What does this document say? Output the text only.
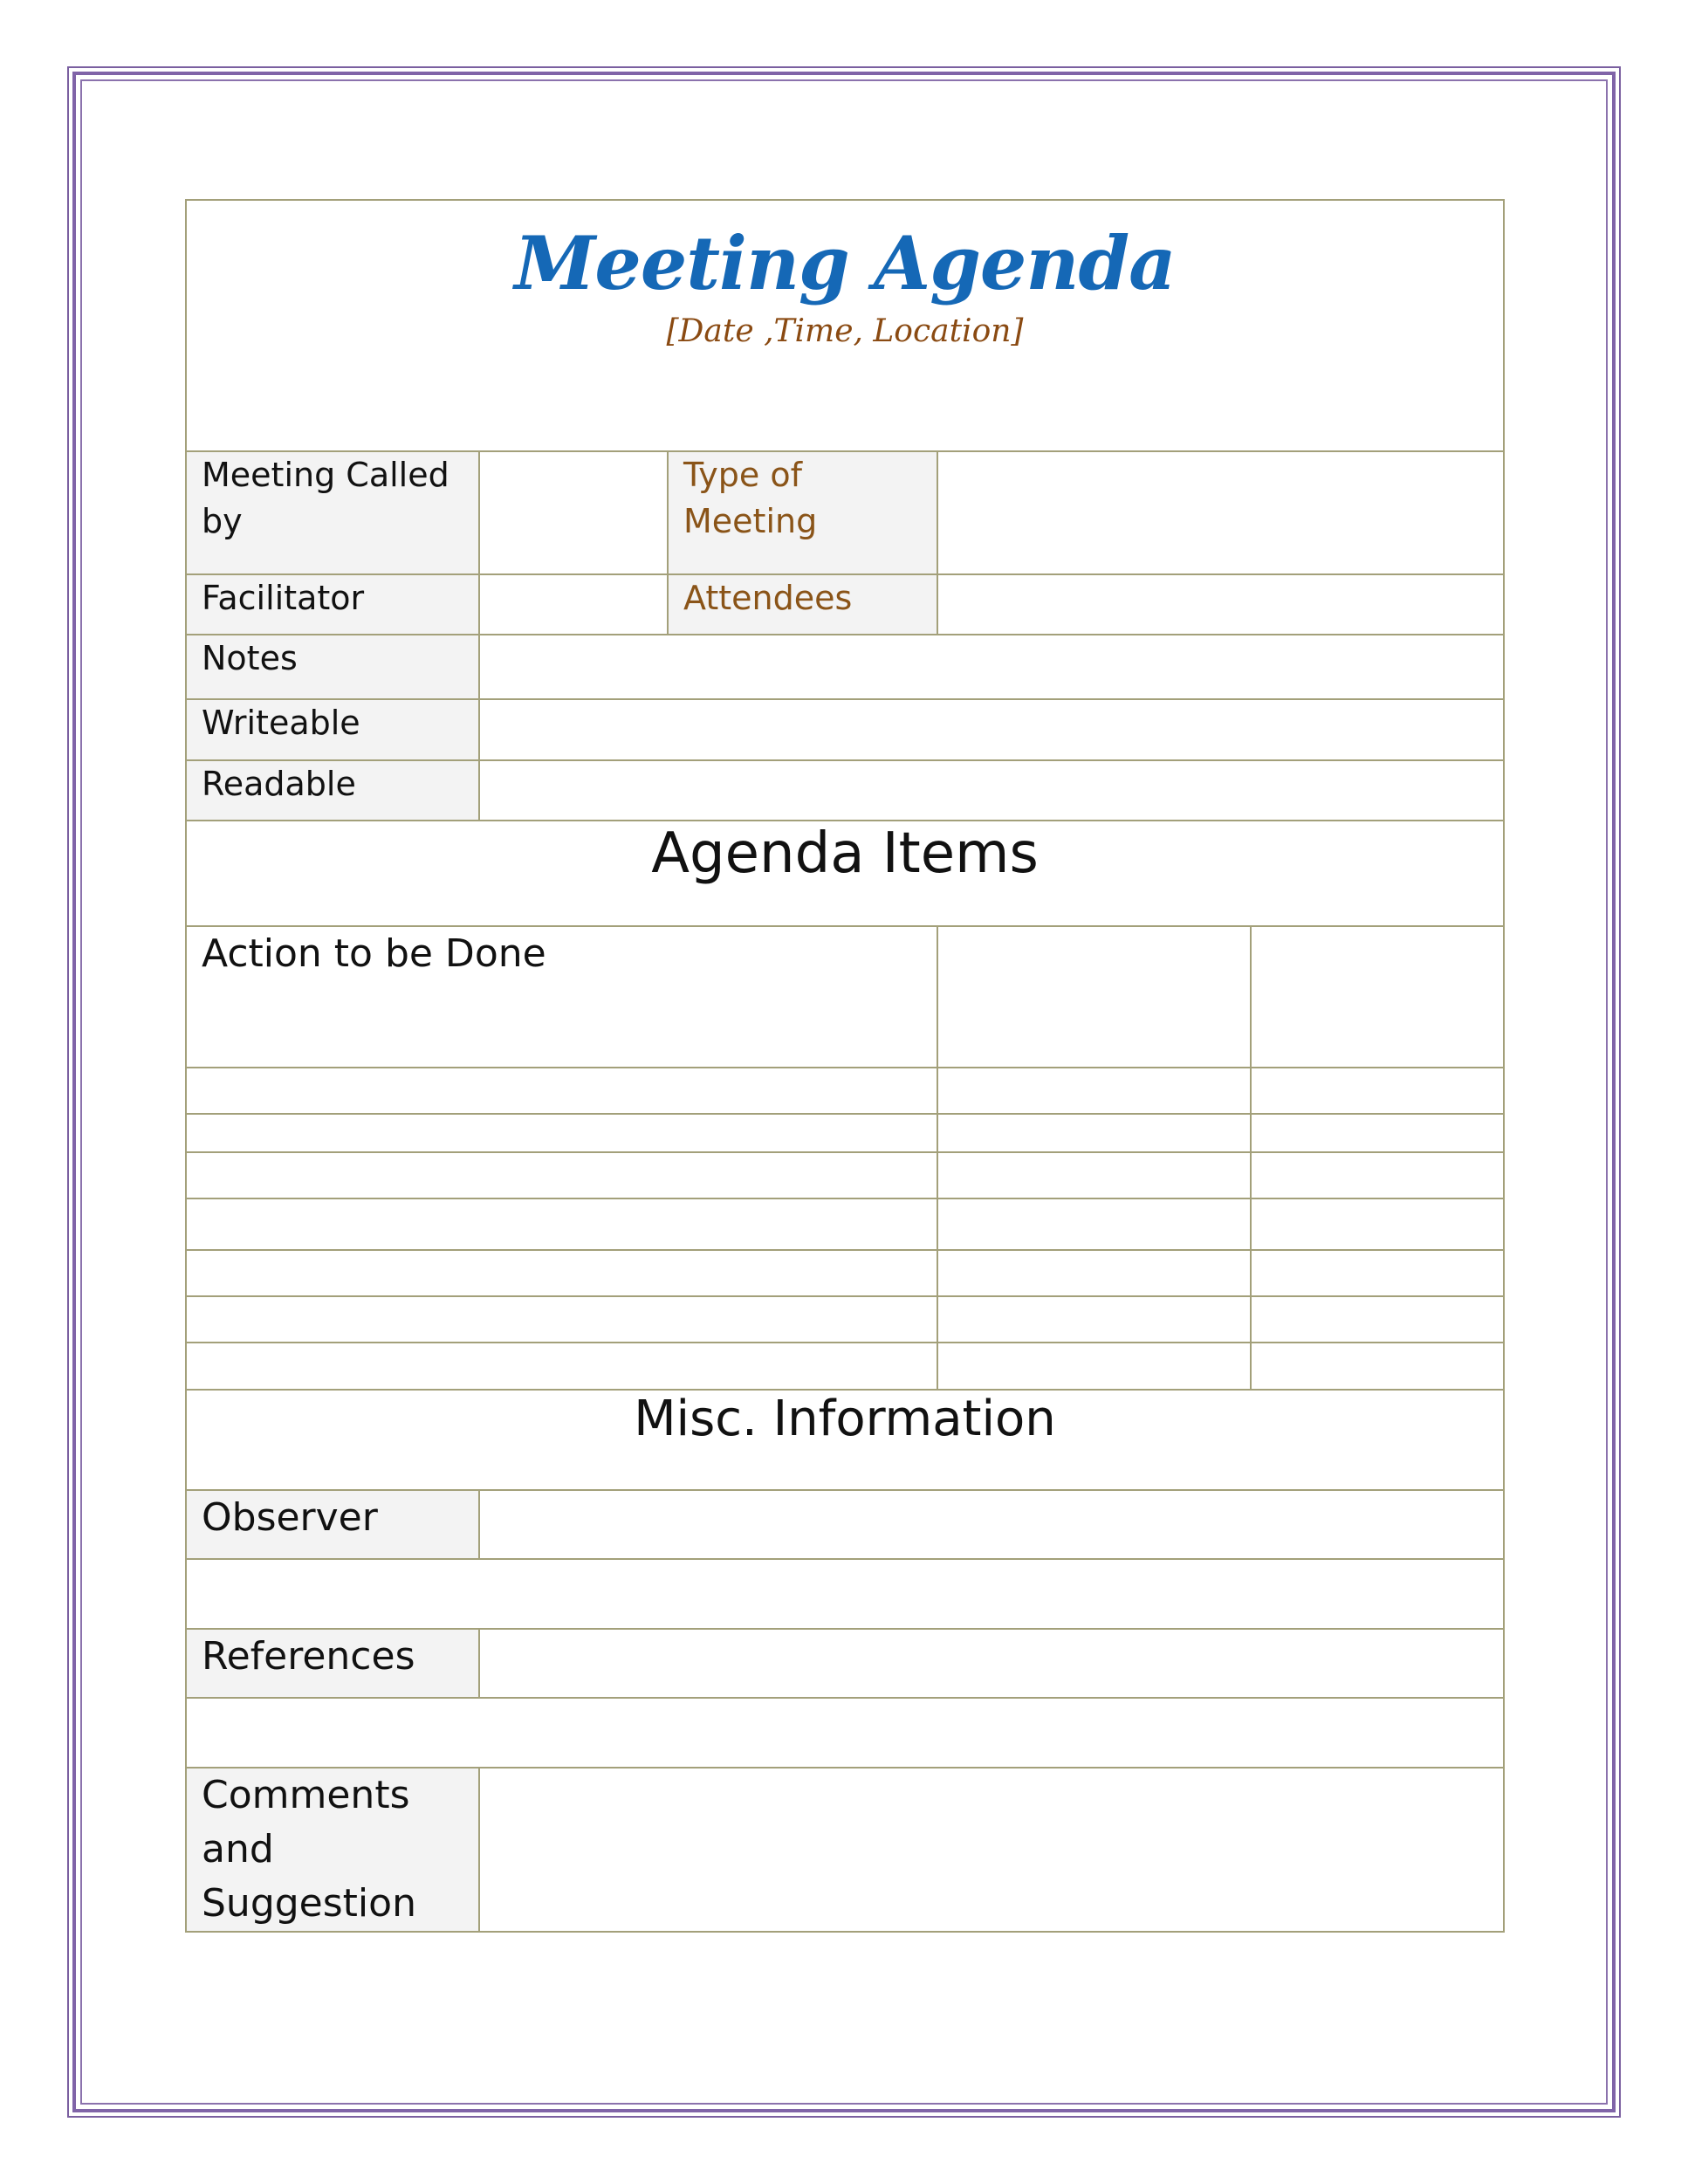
Meeting Agenda
[Date ,Time, Location]				

Meeting Called by		Type of Meeting		
Facilitator		Attendees		
Notes				
Writeable				
Readable				
Agenda Items				
Action to be Done				

Misc. Information				
Observer				

References				

Comments and Suggestion				
